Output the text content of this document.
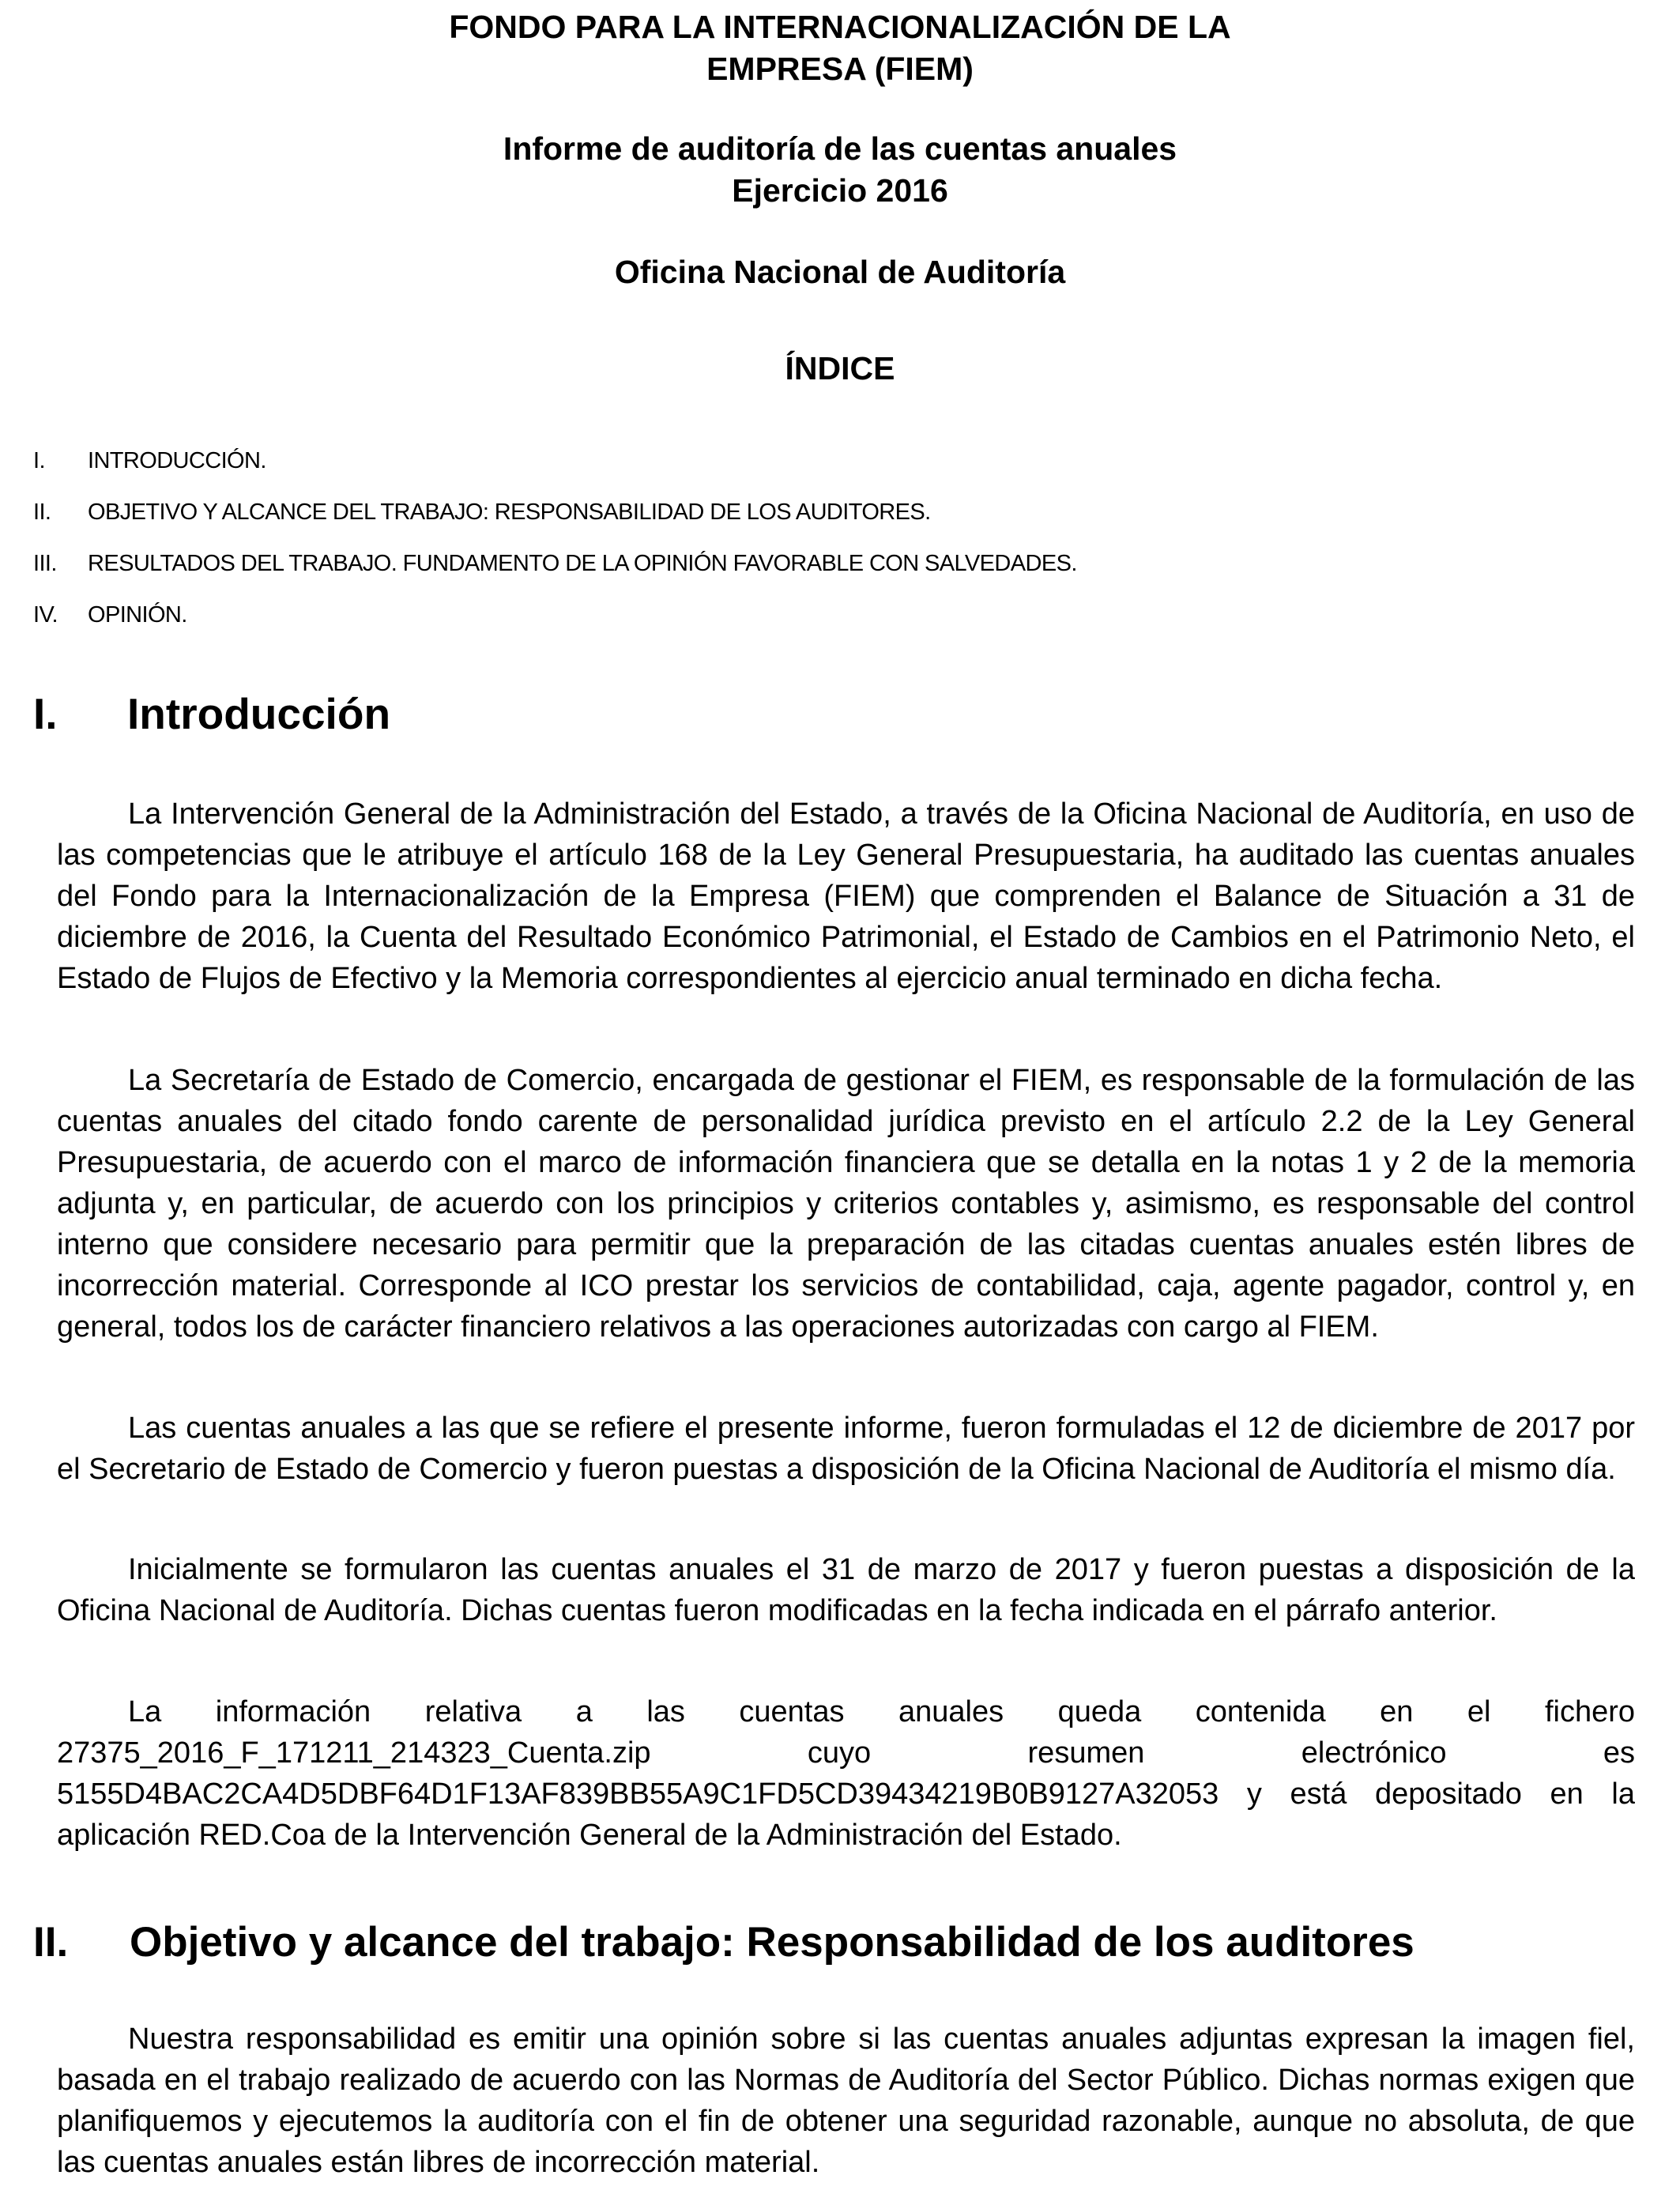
FONDO PARA LA INTERNACIONALIZACIÓN DE LA
EMPRESA (FIEM)
Informe de auditoría de las cuentas anuales
Ejercicio 2016
Oficina Nacional de Auditoría
ÍNDICE
I. INTRODUCCIÓN.
II. OBJETIVO Y ALCANCE DEL TRABAJO: RESPONSABILIDAD DE LOS AUDITORES.
III. RESULTADOS DEL TRABAJO. FUNDAMENTO DE LA OPINIÓN FAVORABLE CON SALVEDADES.
IV. OPINIÓN.
I. Introducción

La Intervención General de la Administración del Estado, a través de la Oficina Nacional de Auditoría, en uso de las competencias que le atribuye el artículo 168 de la Ley General Presupuestaria, ha auditado las cuentas anuales del Fondo para la Internacionalización de la Empresa (FIEM) que comprenden el Balance de Situación a 31 de diciembre de 2016, la Cuenta del Resultado Económico Patrimonial, el Estado de Cambios en el Patrimonio Neto, el Estado de Flujos de Efectivo y la Memoria correspondientes al ejercicio anual terminado en dicha fecha.

La Secretaría de Estado de Comercio, encargada de gestionar el FIEM, es responsable de la formulación de las cuentas anuales del citado fondo carente de personalidad jurídica previsto en el artículo 2.2 de la Ley General Presupuestaria, de acuerdo con el marco de información financiera que se detalla en la notas 1 y 2 de la memoria adjunta y, en particular, de acuerdo con los principios y criterios contables y, asimismo, es responsable del control interno que considere necesario para permitir que la preparación de las citadas cuentas anuales estén libres de incorrección material. Corresponde al ICO prestar los servicios de contabilidad, caja, agente pagador, control y, en general, todos los de carácter financiero relativos a las operaciones autorizadas con cargo al FIEM.

Las cuentas anuales a las que se refiere el presente informe, fueron formuladas el 12 de diciembre de 2017 por el Secretario de Estado de Comercio y fueron puestas a disposición de la Oficina Nacional de Auditoría el mismo día.

Inicialmente se formularon las cuentas anuales el 31 de marzo de 2017 y fueron puestas a disposición de la Oficina Nacional de Auditoría. Dichas cuentas fueron modificadas en la fecha indicada en el párrafo anterior.

La información relativa a las cuentas anuales queda contenida en el fichero 27375_2016_F_171211_214323_Cuenta.zip cuyo resumen electrónico es 5155D4BAC2CA4D5DBF64D1F13AF839BB55A9C1FD5CD39434219B0B9127A32053 y está depositado en la aplicación RED.Coa de la Intervención General de la Administración del Estado.

II. Objetivo y alcance del trabajo: Responsabilidad de los auditores

Nuestra responsabilidad es emitir una opinión sobre si las cuentas anuales adjuntas expresan la imagen fiel, basada en el trabajo realizado de acuerdo con las Normas de Auditoría del Sector Público. Dichas normas exigen que planifiquemos y ejecutemos la auditoría con el fin de obtener una seguridad razonable, aunque no absoluta, de que las cuentas anuales están libres de incorrección material.
